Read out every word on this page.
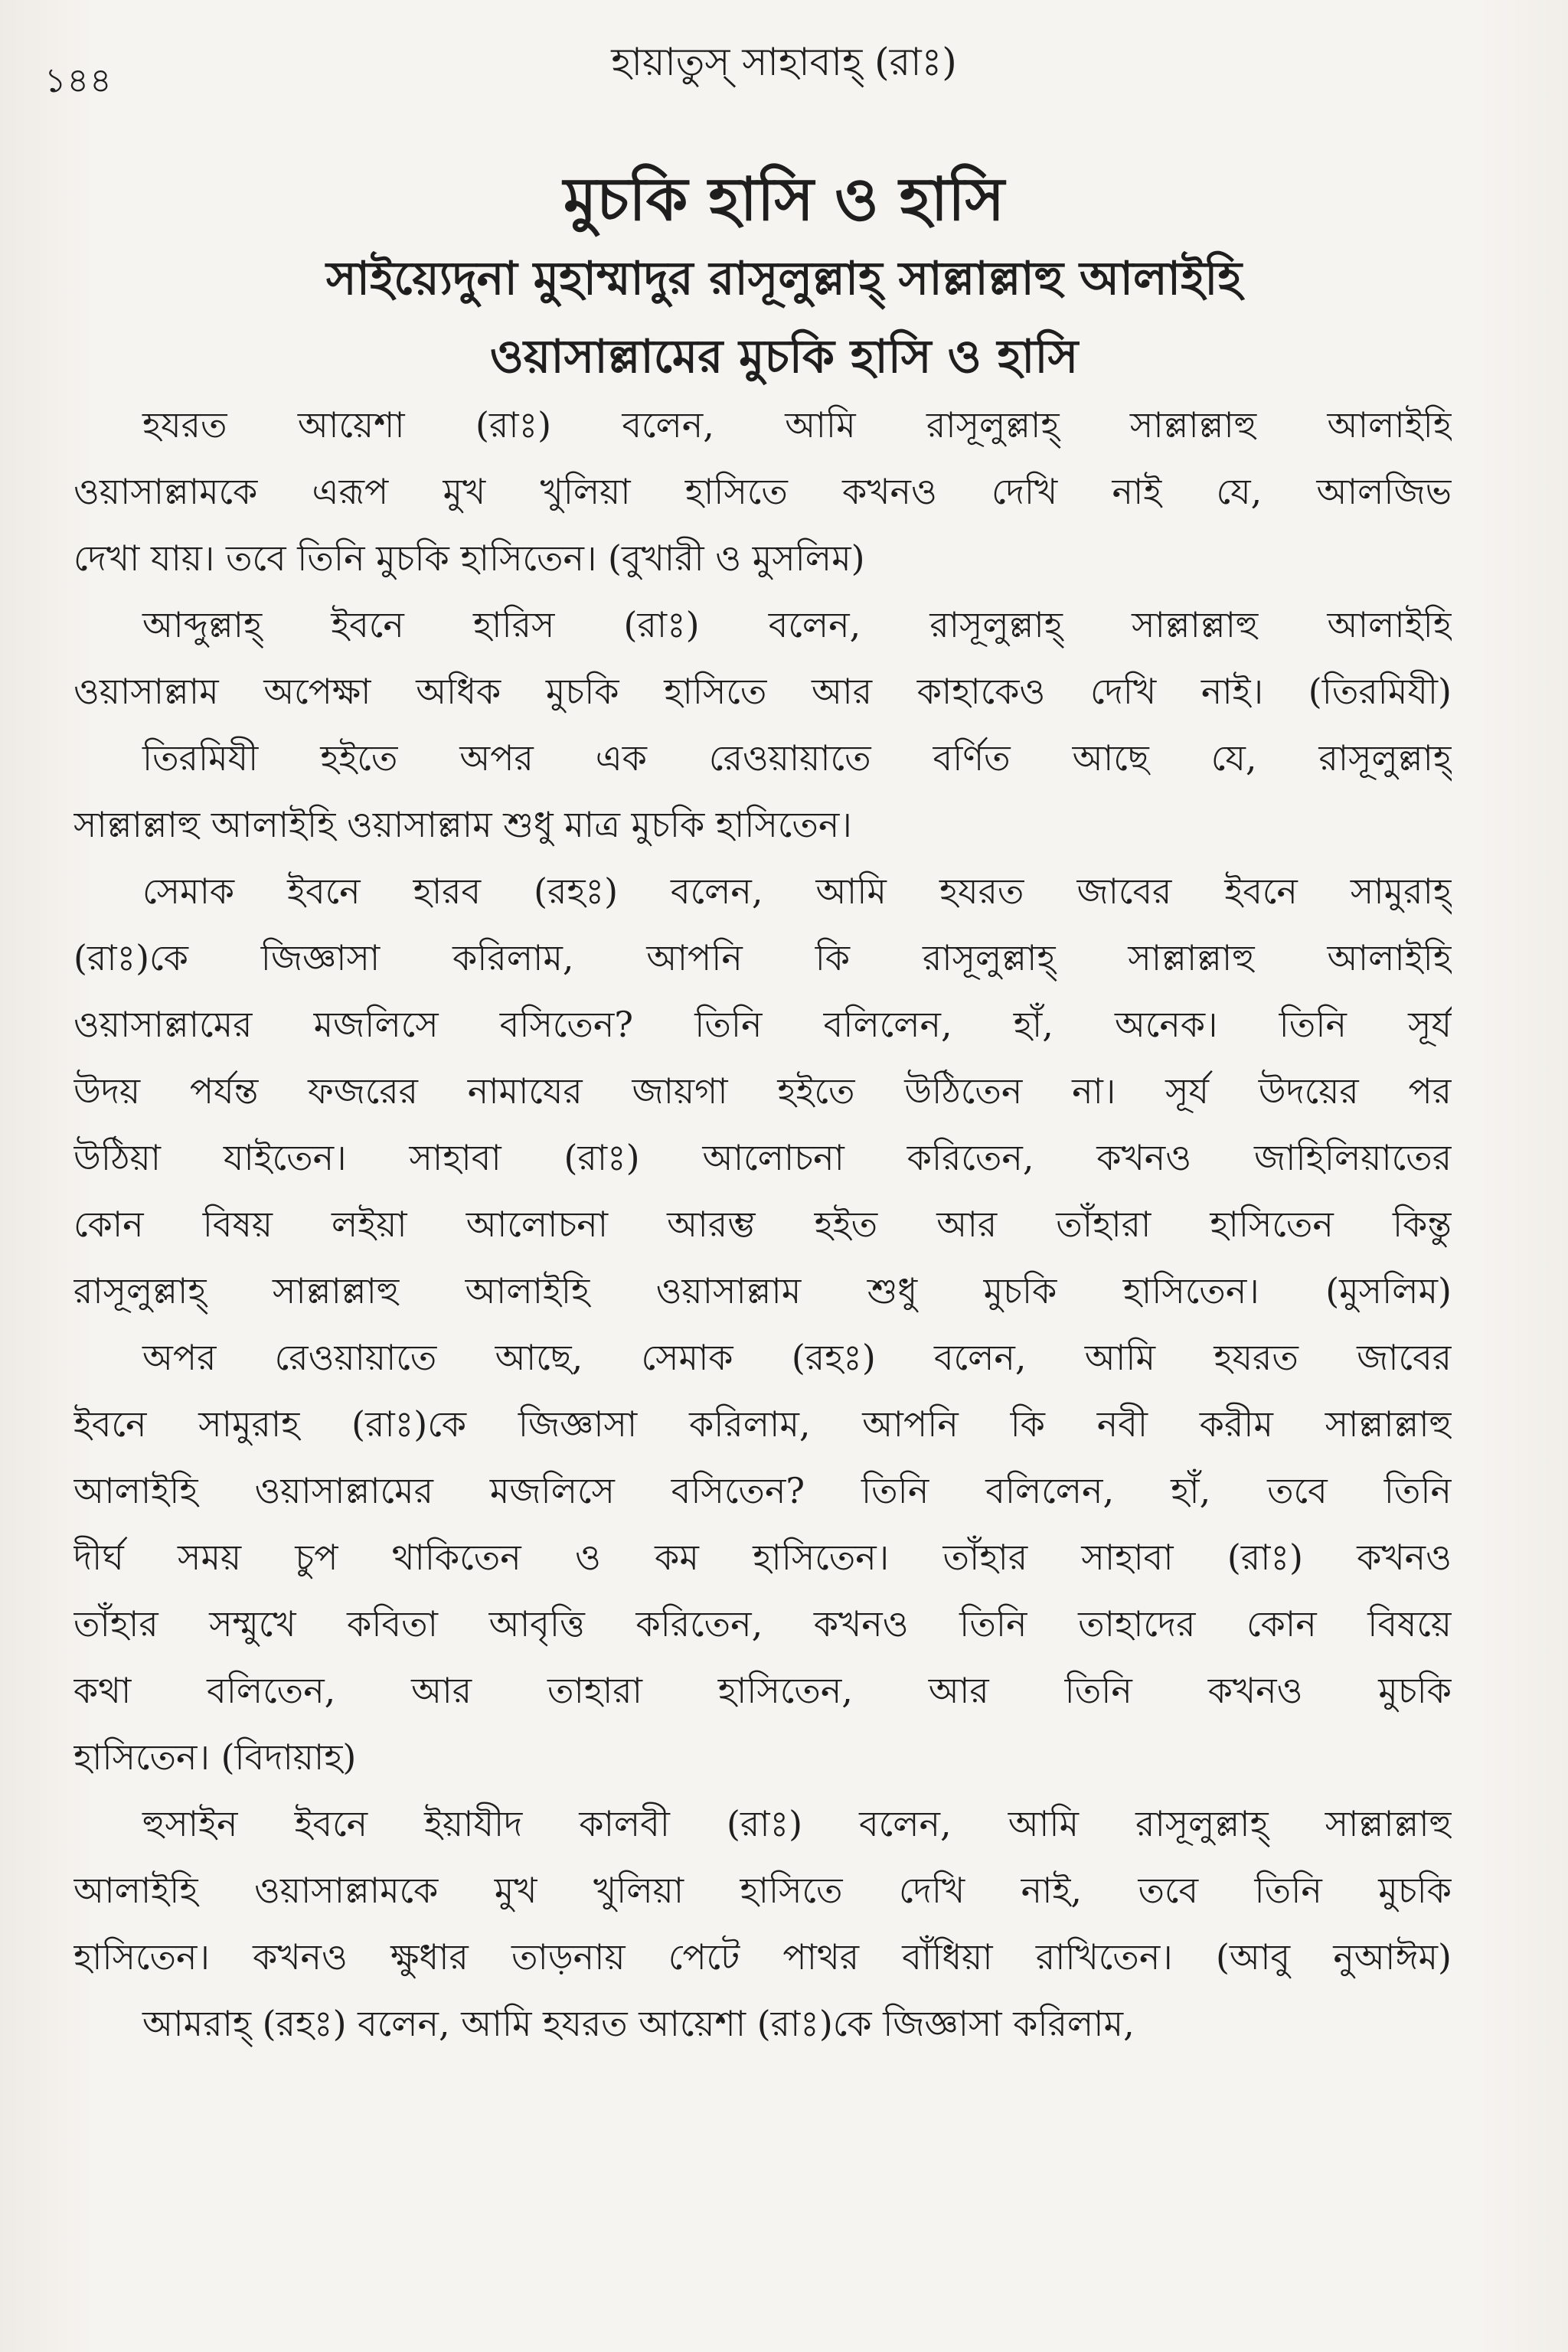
১৪৪	হায়াতুস্ সাহাবাহ্ (রাঃ)
মুচকি হাসি ও হাসি
সাইয়্যেদুনা মুহাম্মাদুর রাসূলুল্লাহ্ সাল্লাল্লাহু আলাইহি
ওয়াসাল্লামের মুচকি হাসি ও হাসি
হযরত আয়েশা (রাঃ) বলেন, আমি রাসূলুল্লাহ্ সাল্লাল্লাহু আলাইহি
ওয়াসাল্লামকে এরূপ মুখ খুলিয়া হাসিতে কখনও দেখি নাই যে, আলজিভ
দেখা যায়। তবে তিনি মুচকি হাসিতেন। (বুখারী ও মুসলিম)
আব্দুল্লাহ্ ইবনে হারিস (রাঃ) বলেন, রাসূলুল্লাহ্ সাল্লাল্লাহু আলাইহি
ওয়াসাল্লাম অপেক্ষা অধিক মুচকি হাসিতে আর কাহাকেও দেখি নাই। (তিরমিযী)
তিরমিযী হইতে অপর এক রেওয়ায়াতে বর্ণিত আছে যে, রাসূলুল্লাহ্
সাল্লাল্লাহু আলাইহি ওয়াসাল্লাম শুধু মাত্র মুচকি হাসিতেন।
সেমাক ইবনে হারব (রহঃ) বলেন, আমি হযরত জাবের ইবনে সামুরাহ্
(রাঃ)কে জিজ্ঞাসা করিলাম, আপনি কি রাসূলুল্লাহ্ সাল্লাল্লাহু আলাইহি
ওয়াসাল্লামের মজলিসে বসিতেন? তিনি বলিলেন, হাঁ, অনেক। তিনি সূর্য
উদয় পর্যন্ত ফজরের নামাযের জায়গা হইতে উঠিতেন না। সূর্য উদয়ের পর
উঠিয়া যাইতেন। সাহাবা (রাঃ) আলোচনা করিতেন, কখনও জাহিলিয়াতের
কোন বিষয় লইয়া আলোচনা আরম্ভ হইত আর তাঁহারা হাসিতেন কিন্তু
রাসূলুল্লাহ্ সাল্লাল্লাহু আলাইহি ওয়াসাল্লাম শুধু মুচকি হাসিতেন। (মুসলিম)
অপর রেওয়ায়াতে আছে, সেমাক (রহঃ) বলেন, আমি হযরত জাবের
ইবনে সামুরাহ (রাঃ)কে জিজ্ঞাসা করিলাম, আপনি কি নবী করীম সাল্লাল্লাহু
আলাইহি ওয়াসাল্লামের মজলিসে বসিতেন? তিনি বলিলেন, হাঁ, তবে তিনি
দীর্ঘ সময় চুপ থাকিতেন ও কম হাসিতেন। তাঁহার সাহাবা (রাঃ) কখনও
তাঁহার সম্মুখে কবিতা আবৃত্তি করিতেন, কখনও তিনি তাহাদের কোন বিষয়ে
কথা বলিতেন, আর তাহারা হাসিতেন, আর তিনি কখনও মুচকি
হাসিতেন। (বিদায়াহ)
হুসাইন ইবনে ইয়াযীদ কালবী (রাঃ) বলেন, আমি রাসূলুল্লাহ্ সাল্লাল্লাহু
আলাইহি ওয়াসাল্লামকে মুখ খুলিয়া হাসিতে দেখি নাই, তবে তিনি মুচকি
হাসিতেন। কখনও ক্ষুধার তাড়নায় পেটে পাথর বাঁধিয়া রাখিতেন। (আবু নুআঈম)
আমরাহ্ (রহঃ) বলেন, আমি হযরত আয়েশা (রাঃ)কে জিজ্ঞাসা করিলাম,
